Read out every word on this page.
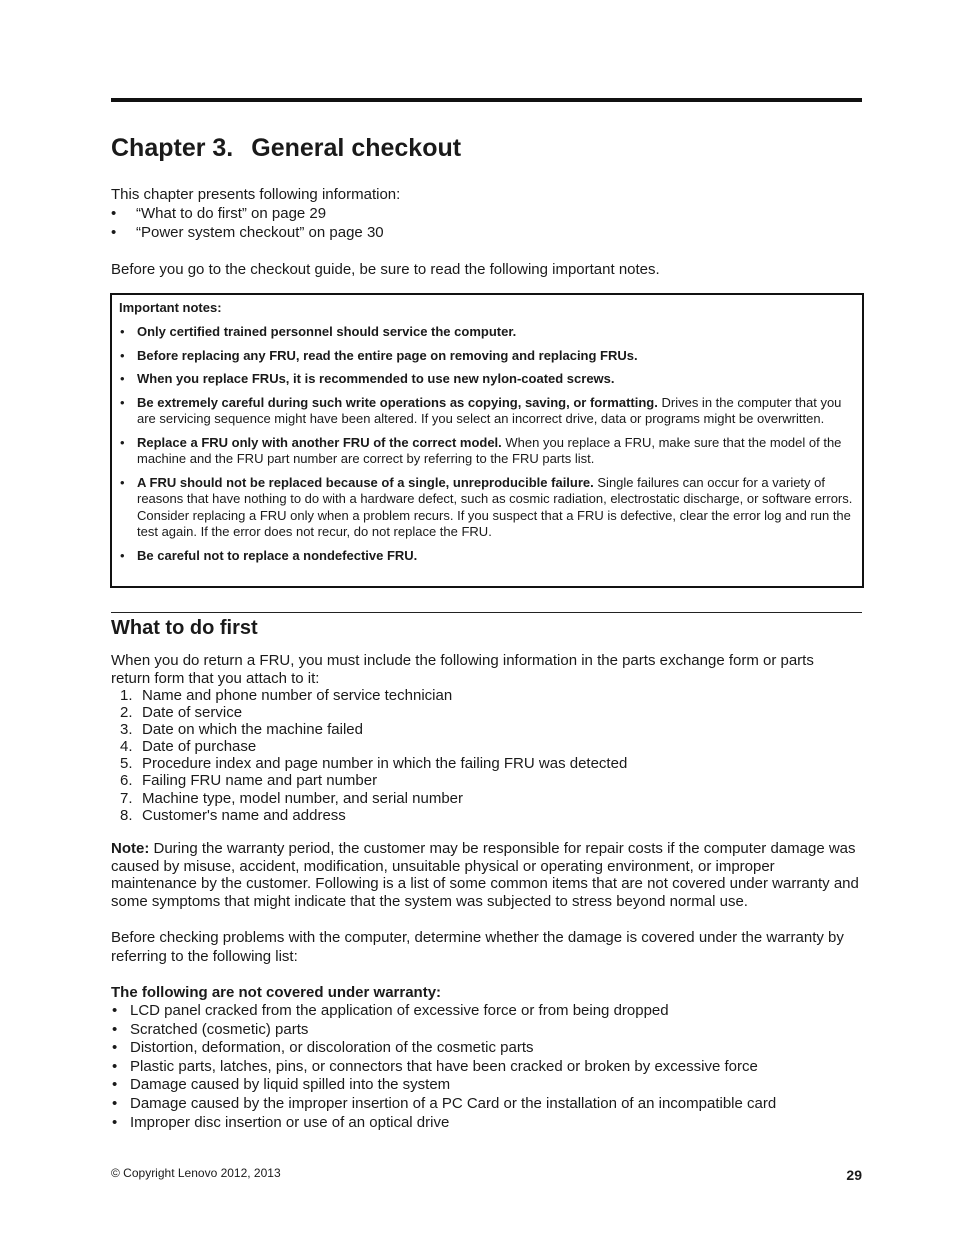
Chapter 3. General checkout
This chapter presents following information:
• “What to do first” on page 29
• “Power system checkout” on page 30
Before you go to the checkout guide, be sure to read the following important notes.
Important notes:
• Only certified trained personnel should service the computer.
• Before replacing any FRU, read the entire page on removing and replacing FRUs.
• When you replace FRUs, it is recommended to use new nylon-coated screws.
• Be extremely careful during such write operations as copying, saving, or formatting. Drives in the computer that you are servicing sequence might have been altered. If you select an incorrect drive, data or programs might be overwritten.
• Replace a FRU only with another FRU of the correct model. When you replace a FRU, make sure that the model of the machine and the FRU part number are correct by referring to the FRU parts list.
• A FRU should not be replaced because of a single, unreproducible failure. Single failures can occur for a variety of reasons that have nothing to do with a hardware defect, such as cosmic radiation, electrostatic discharge, or software errors. Consider replacing a FRU only when a problem recurs. If you suspect that a FRU is defective, clear the error log and run the test again. If the error does not recur, do not replace the FRU.
• Be careful not to replace a nondefective FRU.
What to do first
When you do return a FRU, you must include the following information in the parts exchange form or parts return form that you attach to it:
1. Name and phone number of service technician
2. Date of service
3. Date on which the machine failed
4. Date of purchase
5. Procedure index and page number in which the failing FRU was detected
6. Failing FRU name and part number
7. Machine type, model number, and serial number
8. Customer's name and address
Note: During the warranty period, the customer may be responsible for repair costs if the computer damage was caused by misuse, accident, modification, unsuitable physical or operating environment, or improper maintenance by the customer. Following is a list of some common items that are not covered under warranty and some symptoms that might indicate that the system was subjected to stress beyond normal use.
Before checking problems with the computer, determine whether the damage is covered under the warranty by referring to the following list:
The following are not covered under warranty:
• LCD panel cracked from the application of excessive force or from being dropped
• Scratched (cosmetic) parts
• Distortion, deformation, or discoloration of the cosmetic parts
• Plastic parts, latches, pins, or connectors that have been cracked or broken by excessive force
• Damage caused by liquid spilled into the system
• Damage caused by the improper insertion of a PC Card or the installation of an incompatible card
• Improper disc insertion or use of an optical drive
© Copyright Lenovo 2012, 2013	29
